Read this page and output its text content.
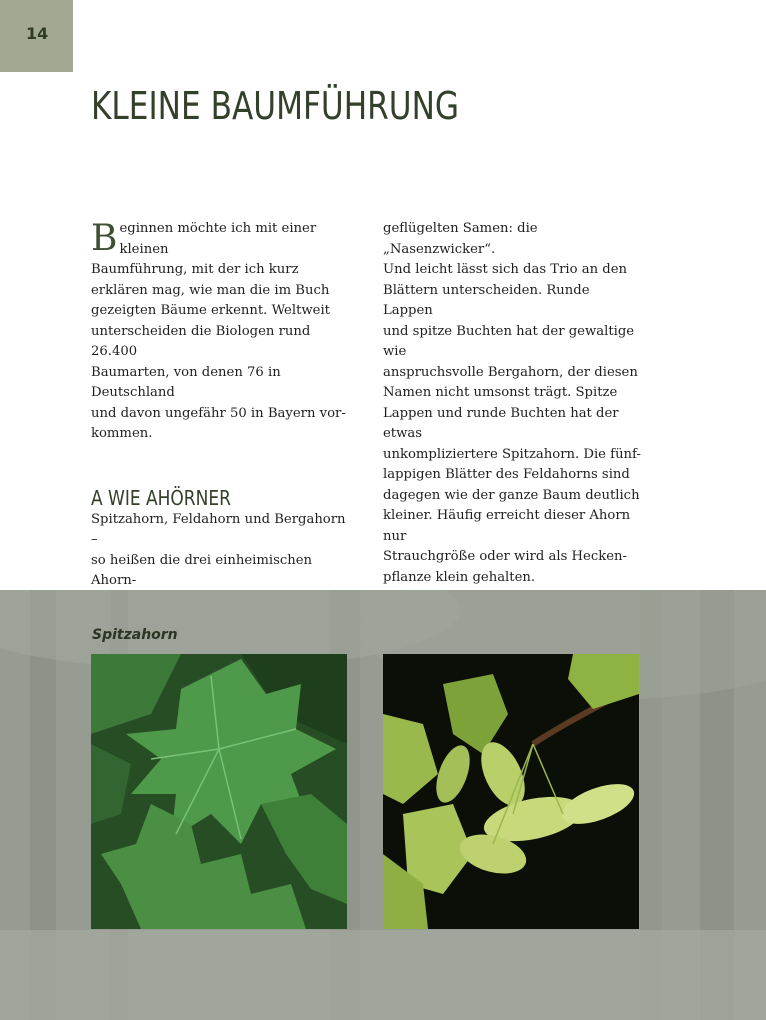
14
KLEINE BAUMFÜHRUNG

Beginnen möchte ich mit einer kleinen
Baumführung, mit der ich kurz
erklären mag, wie man die im Buch
gezeigten Bäume erkennt. Weltweit
unterscheiden die Biologen rund 26.400
Baumarten, von denen 76 in Deutschland
und davon ungefähr 50 in Bayern vor-
kommen.

A WIE AHÖRNER

Spitzahorn, Feldahorn und Bergahorn –
so heißen die drei einheimischen Ahorn-

geflügelten Samen: die „Nasenzwicker“.
Und leicht lässt sich das Trio an den
Blättern unterscheiden. Runde Lappen
und spitze Buchten hat der gewaltige wie
anspruchsvolle Bergahorn, der diesen
Namen nicht umsonst trägt. Spitze
Lappen und runde Buchten hat der etwas
unkompliziertere Spitzahorn. Die fünf-
lappigen Blätter des Feldahorns sind
dagegen wie der ganze Baum deutlich
kleiner. Häufig erreicht dieser Ahorn nur
Strauchgröße oder wird als Hecken-
pflanze klein gehalten.

Spitzahorn
